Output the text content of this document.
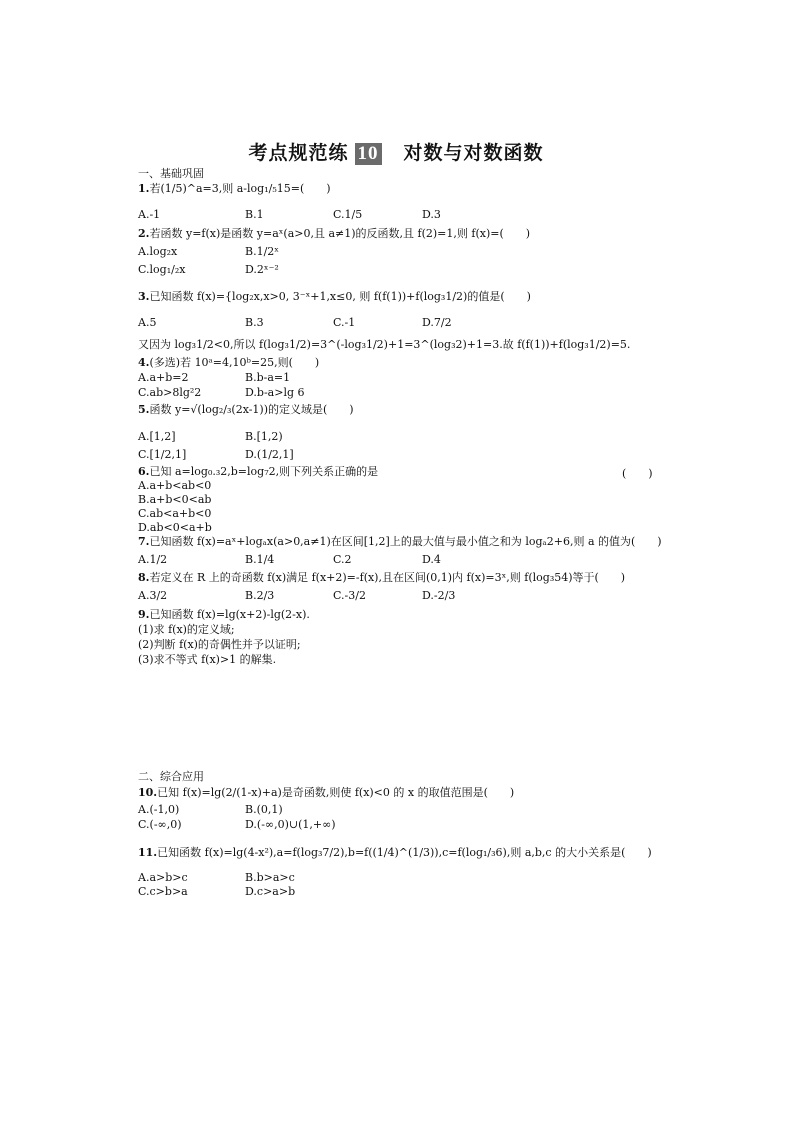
考点规范练 10 对数与对数函数
一、基础巩固
1.若(1/5)^a=3,则 a-log₁/₅15=(　　)
A.-1	B.1	C.1/5	D.3
2.若函数 y=f(x)是函数 y=aˣ(a>0,且 a≠1)的反函数,且 f(2)=1,则 f(x)=(　　)
A.log₂x	B.1/2ˣ
C.log₁/₂x	D.2ˣ⁻²
3.已知函数 f(x)={log₂x,x>0, 3⁻ˣ+1,x≤0, 则 f(f(1))+f(log₃1/2)的值是(　　)
A.5	B.3	C.-1	D.7/2
又因为 log₃1/2<0,所以 f(log₃1/2)=3^(-log₃1/2)+1=3^(log₃2)+1=3.故 f(f(1))+f(log₃1/2)=5.
4.(多选)若 10ᵃ=4,10ᵇ=25,则(　　)
A.a+b=2	B.b-a=1
C.ab>8lg²2	D.b-a>lg 6
5.函数 y=√(log₂/₃(2x-1))的定义域是(　　)
A.[1,2]	B.[1,2)
C.[1/2,1]	D.(1/2,1]
6.已知 a=log₀.₃2,b=log₇2,则下列关系正确的是	(　　)
A.a+b<ab<0
B.a+b<0<ab
C.ab<a+b<0
D.ab<0<a+b
7.已知函数 f(x)=aˣ+logₐx(a>0,a≠1)在区间[1,2]上的最大值与最小值之和为 logₐ2+6,则 a 的值为(　　)
A.1/2	B.1/4	C.2	D.4
8.若定义在 R 上的奇函数 f(x)满足 f(x+2)=-f(x),且在区间(0,1)内 f(x)=3ˣ,则 f(log₃54)等于(　　)
A.3/2	B.2/3	C.-3/2	D.-2/3
9.已知函数 f(x)=lg(x+2)-lg(2-x).
(1)求 f(x)的定义域;
(2)判断 f(x)的奇偶性并予以证明;
(3)求不等式 f(x)>1 的解集.
二、综合应用
10.已知 f(x)=lg(2/(1-x)+a)是奇函数,则使 f(x)<0 的 x 的取值范围是(　　)
A.(-1,0)	B.(0,1)
C.(-∞,0)	D.(-∞,0)∪(1,+∞)
11.已知函数 f(x)=lg(4-x²),a=f(log₃7/2),b=f((1/4)^(1/3)),c=f(log₁/₃6),则 a,b,c 的大小关系是(　　)
A.a>b>c	B.b>a>c
C.c>b>a	D.c>a>b
